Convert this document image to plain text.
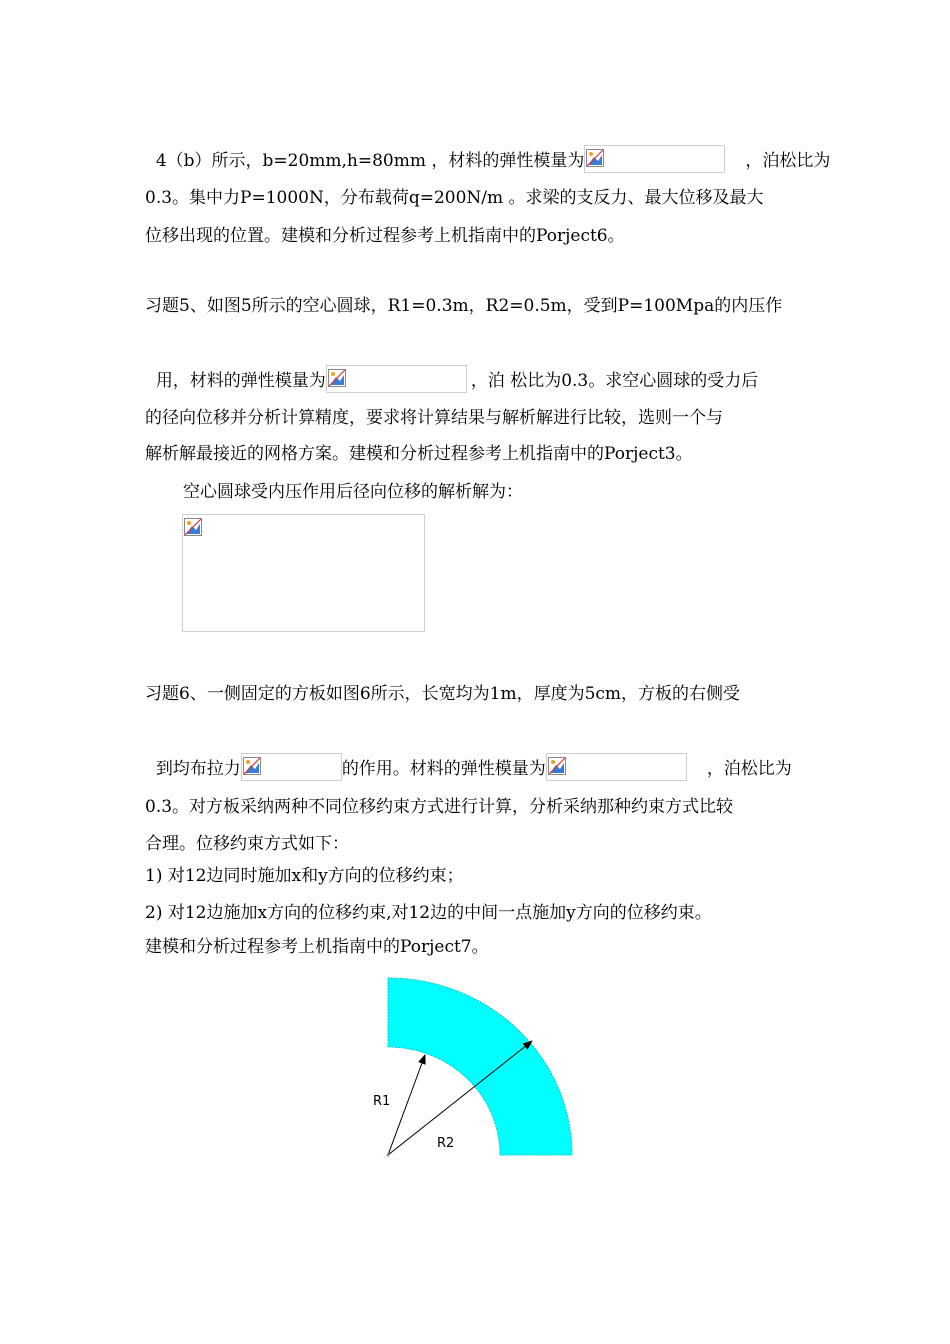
4（b）所示，b=20mm,h=80mm ，材料的弹性模量为
	，泊松比为

0.3。集中力P=1000N，分布载荷q=200N/m 。求梁的支反力、最大位移及最大
位移出现的位置。建模和分析过程参考上机指南中的Porject6。
习题5、如图5所示的空心圆球，R1=0.3m，R2=0.5m，受到P=100Mpa的内压作

用，材料的弹性模量为
	，泊 松比为0.3。求空心圆球的受力后

的径向位移并分析计算精度，要求将计算结果与解析解进行比较，选则一个与
解析解最接近的网格方案。建模和分析过程参考上机指南中的Porject3。
空心圆球受内压作用后径向位移的解析解为：
习题6、一侧固定的方板如图6所示，长宽均为1m，厚度为5cm，方板的右侧受

到均布拉力
	的作用。材料的弹性模量为
	，泊松比为

0.3。对方板采纳两种不同位移约束方式进行计算，分析采纳那种约束方式比较
合理。位移约束方式如下：
1) 对12边同时施加x和y方向的位移约束；
2) 对12边施加x方向的位移约束,对12边的中间一点施加y方向的位移约束。
建模和分析过程参考上机指南中的Porject7。
R1
R2
